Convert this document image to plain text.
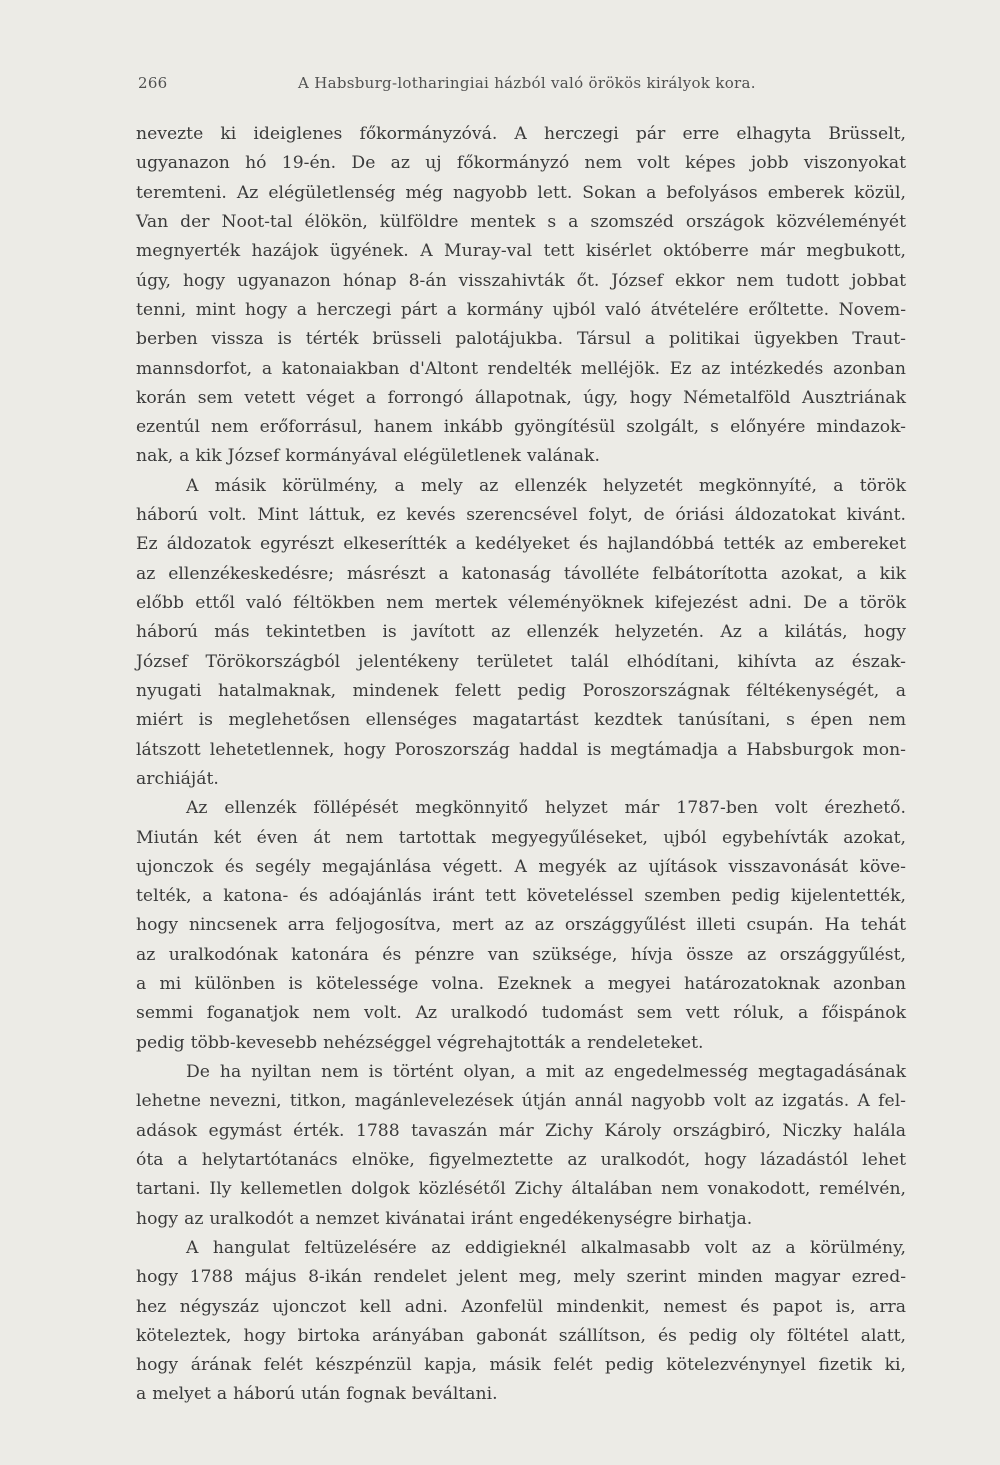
266	A Habsburg-lotharingiai házból való örökös királyok kora.
nevezte ki ideiglenes főkormányzóvá. A herczegi pár erre elhagyta Brüsselt,
ugyanazon hó 19-én. De az uj főkormányzó nem volt képes jobb viszonyokat
teremteni. Az elégületlenség még nagyobb lett. Sokan a befolyásos emberek közül,
Van der Noot-tal élökön, külföldre mentek s a szomszéd országok közvéleményét
megnyerték hazájok ügyének. A Muray-val tett kisérlet októberre már megbukott,
úgy, hogy ugyanazon hónap 8-án visszahivták őt. József ekkor nem tudott jobbat
tenni, mint hogy a herczegi párt a kormány ujból való átvételére erőltette. Novem-
berben vissza is térték brüsseli palotájukba. Társul a politikai ügyekben Traut-
mannsdorfot, a katonaiakban d'Altont rendelték melléjök. Ez az intézkedés azonban
korán sem vetett véget a forrongó állapotnak, úgy, hogy Németalföld Ausztriának
ezentúl nem erőforrásul, hanem inkább gyöngítésül szolgált, s előnyére mindazok-
nak, a kik József kormányával elégületlenek valának.
A másik körülmény, a mely az ellenzék helyzetét megkönnyíté, a török
háború volt. Mint láttuk, ez kevés szerencsével folyt, de óriási áldozatokat kivánt.
Ez áldozatok egyrészt elkeserítték a kedélyeket és hajlandóbbá tették az embereket
az ellenzékeskedésre; másrészt a katonaság távolléte felbátorította azokat, a kik
előbb ettől való féltökben nem mertek véleményöknek kifejezést adni. De a török
háború más tekintetben is javított az ellenzék helyzetén. Az a kilátás, hogy
József Törökországból jelentékeny területet talál elhódítani, kihívta az észak-
nyugati hatalmaknak, mindenek felett pedig Poroszországnak féltékenységét, a
miért is meglehetősen ellenséges magatartást kezdtek tanúsítani, s épen nem
látszott lehetetlennek, hogy Poroszország haddal is megtámadja a Habsburgok mon-
archiáját.
Az ellenzék föllépését megkönnyitő helyzet már 1787-ben volt érezhető.
Miután két éven át nem tartottak megyegyűléseket, ujból egybehívták azokat,
ujonczok és segély megajánlása végett. A megyék az ujítások visszavonását köve-
telték, a katona- és adóajánlás iránt tett követeléssel szemben pedig kijelentették,
hogy nincsenek arra feljogosítva, mert az az országgyűlést illeti csupán. Ha tehát
az uralkodónak katonára és pénzre van szüksége, hívja össze az országgyűlést,
a mi különben is kötelessége volna. Ezeknek a megyei határozatoknak azonban
semmi foganatjok nem volt. Az uralkodó tudomást sem vett róluk, a főispánok
pedig több-kevesebb nehézséggel végrehajtották a rendeleteket.
De ha nyiltan nem is történt olyan, a mit az engedelmesség megtagadásának
lehetne nevezni, titkon, magánlevelezések útján annál nagyobb volt az izgatás. A fel-
adások egymást érték. 1788 tavaszán már Zichy Károly országbiró, Niczky halála
óta a helytartótanács elnöke, figyelmeztette az uralkodót, hogy lázadástól lehet
tartani. Ily kellemetlen dolgok közlésétől Zichy általában nem vonakodott, remélvén,
hogy az uralkodót a nemzet kivánatai iránt engedékenységre birhatja.
A hangulat feltüzelésére az eddigieknél alkalmasabb volt az a körülmény,
hogy 1788 május 8-ikán rendelet jelent meg, mely szerint minden magyar ezred-
hez négyszáz ujonczot kell adni. Azonfelül mindenkit, nemest és papot is, arra
köteleztek, hogy birtoka arányában gabonát szállítson, és pedig oly föltétel alatt,
hogy árának felét készpénzül kapja, másik felét pedig kötelezvénynyel fizetik ki,
a melyet a háború után fognak beváltani.
